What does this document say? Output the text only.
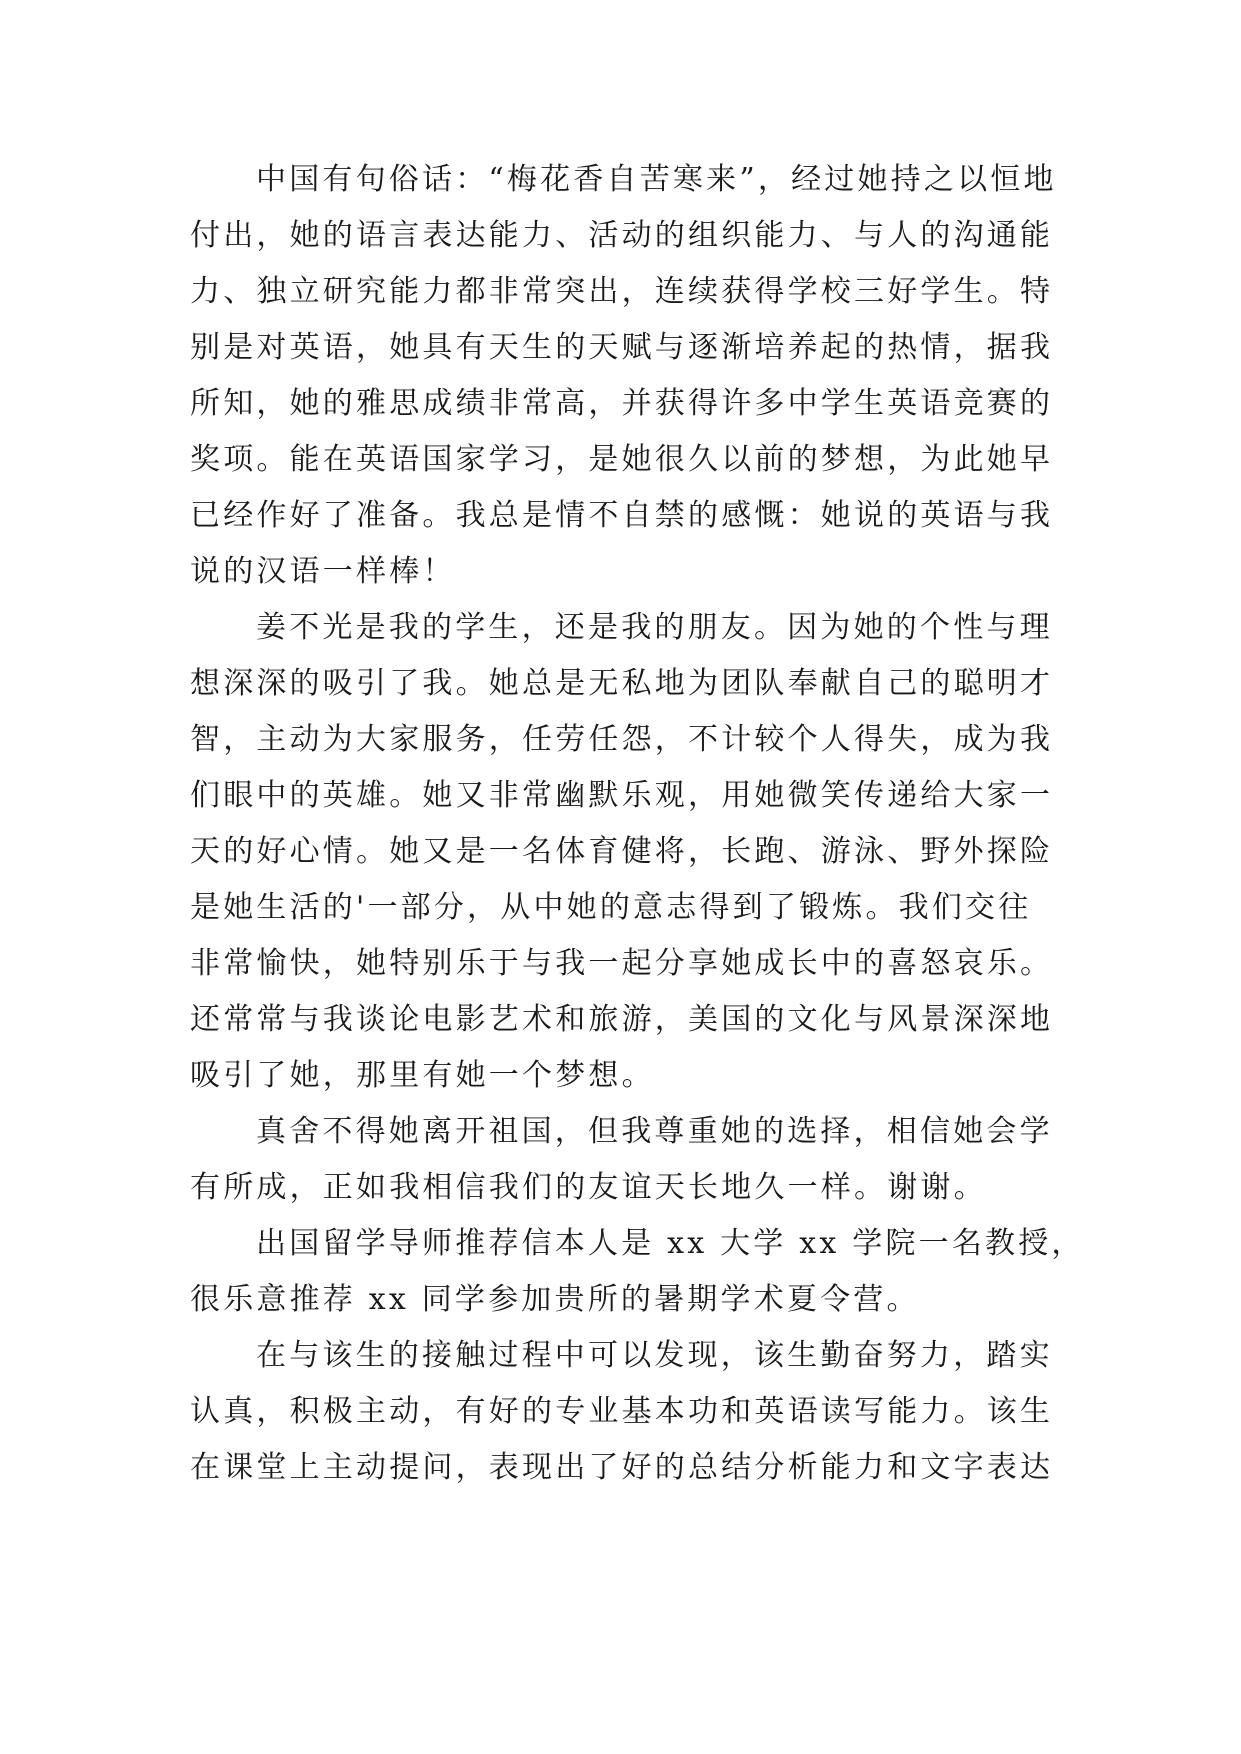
中国有句俗话：“梅花香自苦寒来”，经过她持之以恒地
付出，她的语言表达能力、活动的组织能力、与人的沟通能
力、独立研究能力都非常突出，连续获得学校三好学生。特
别是对英语，她具有天生的天赋与逐渐培养起的热情，据我
所知，她的雅思成绩非常高，并获得许多中学生英语竞赛的
奖项。能在英语国家学习，是她很久以前的梦想，为此她早
已经作好了准备。我总是情不自禁的感慨：她说的英语与我
说的汉语一样棒！
姜不光是我的学生，还是我的朋友。因为她的个性与理
想深深的吸引了我。她总是无私地为团队奉献自己的聪明才
智，主动为大家服务，任劳任怨，不计较个人得失，成为我
们眼中的英雄。她又非常幽默乐观，用她微笑传递给大家一
天的好心情。她又是一名体育健将，长跑、游泳、野外探险
是她生活的'一部分，从中她的意志得到了锻炼。我们交往
非常愉快，她特别乐于与我一起分享她成长中的喜怒哀乐。
还常常与我谈论电影艺术和旅游，美国的文化与风景深深地
吸引了她，那里有她一个梦想。
真舍不得她离开祖国，但我尊重她的选择，相信她会学
有所成，正如我相信我们的友谊天长地久一样。谢谢。
出国留学导师推荐信本人是 xx 大学 xx 学院一名教授，
很乐意推荐 xx 同学参加贵所的暑期学术夏令营。
在与该生的接触过程中可以发现，该生勤奋努力，踏实
认真，积极主动，有好的专业基本功和英语读写能力。该生
在课堂上主动提问，表现出了好的总结分析能力和文字表达
